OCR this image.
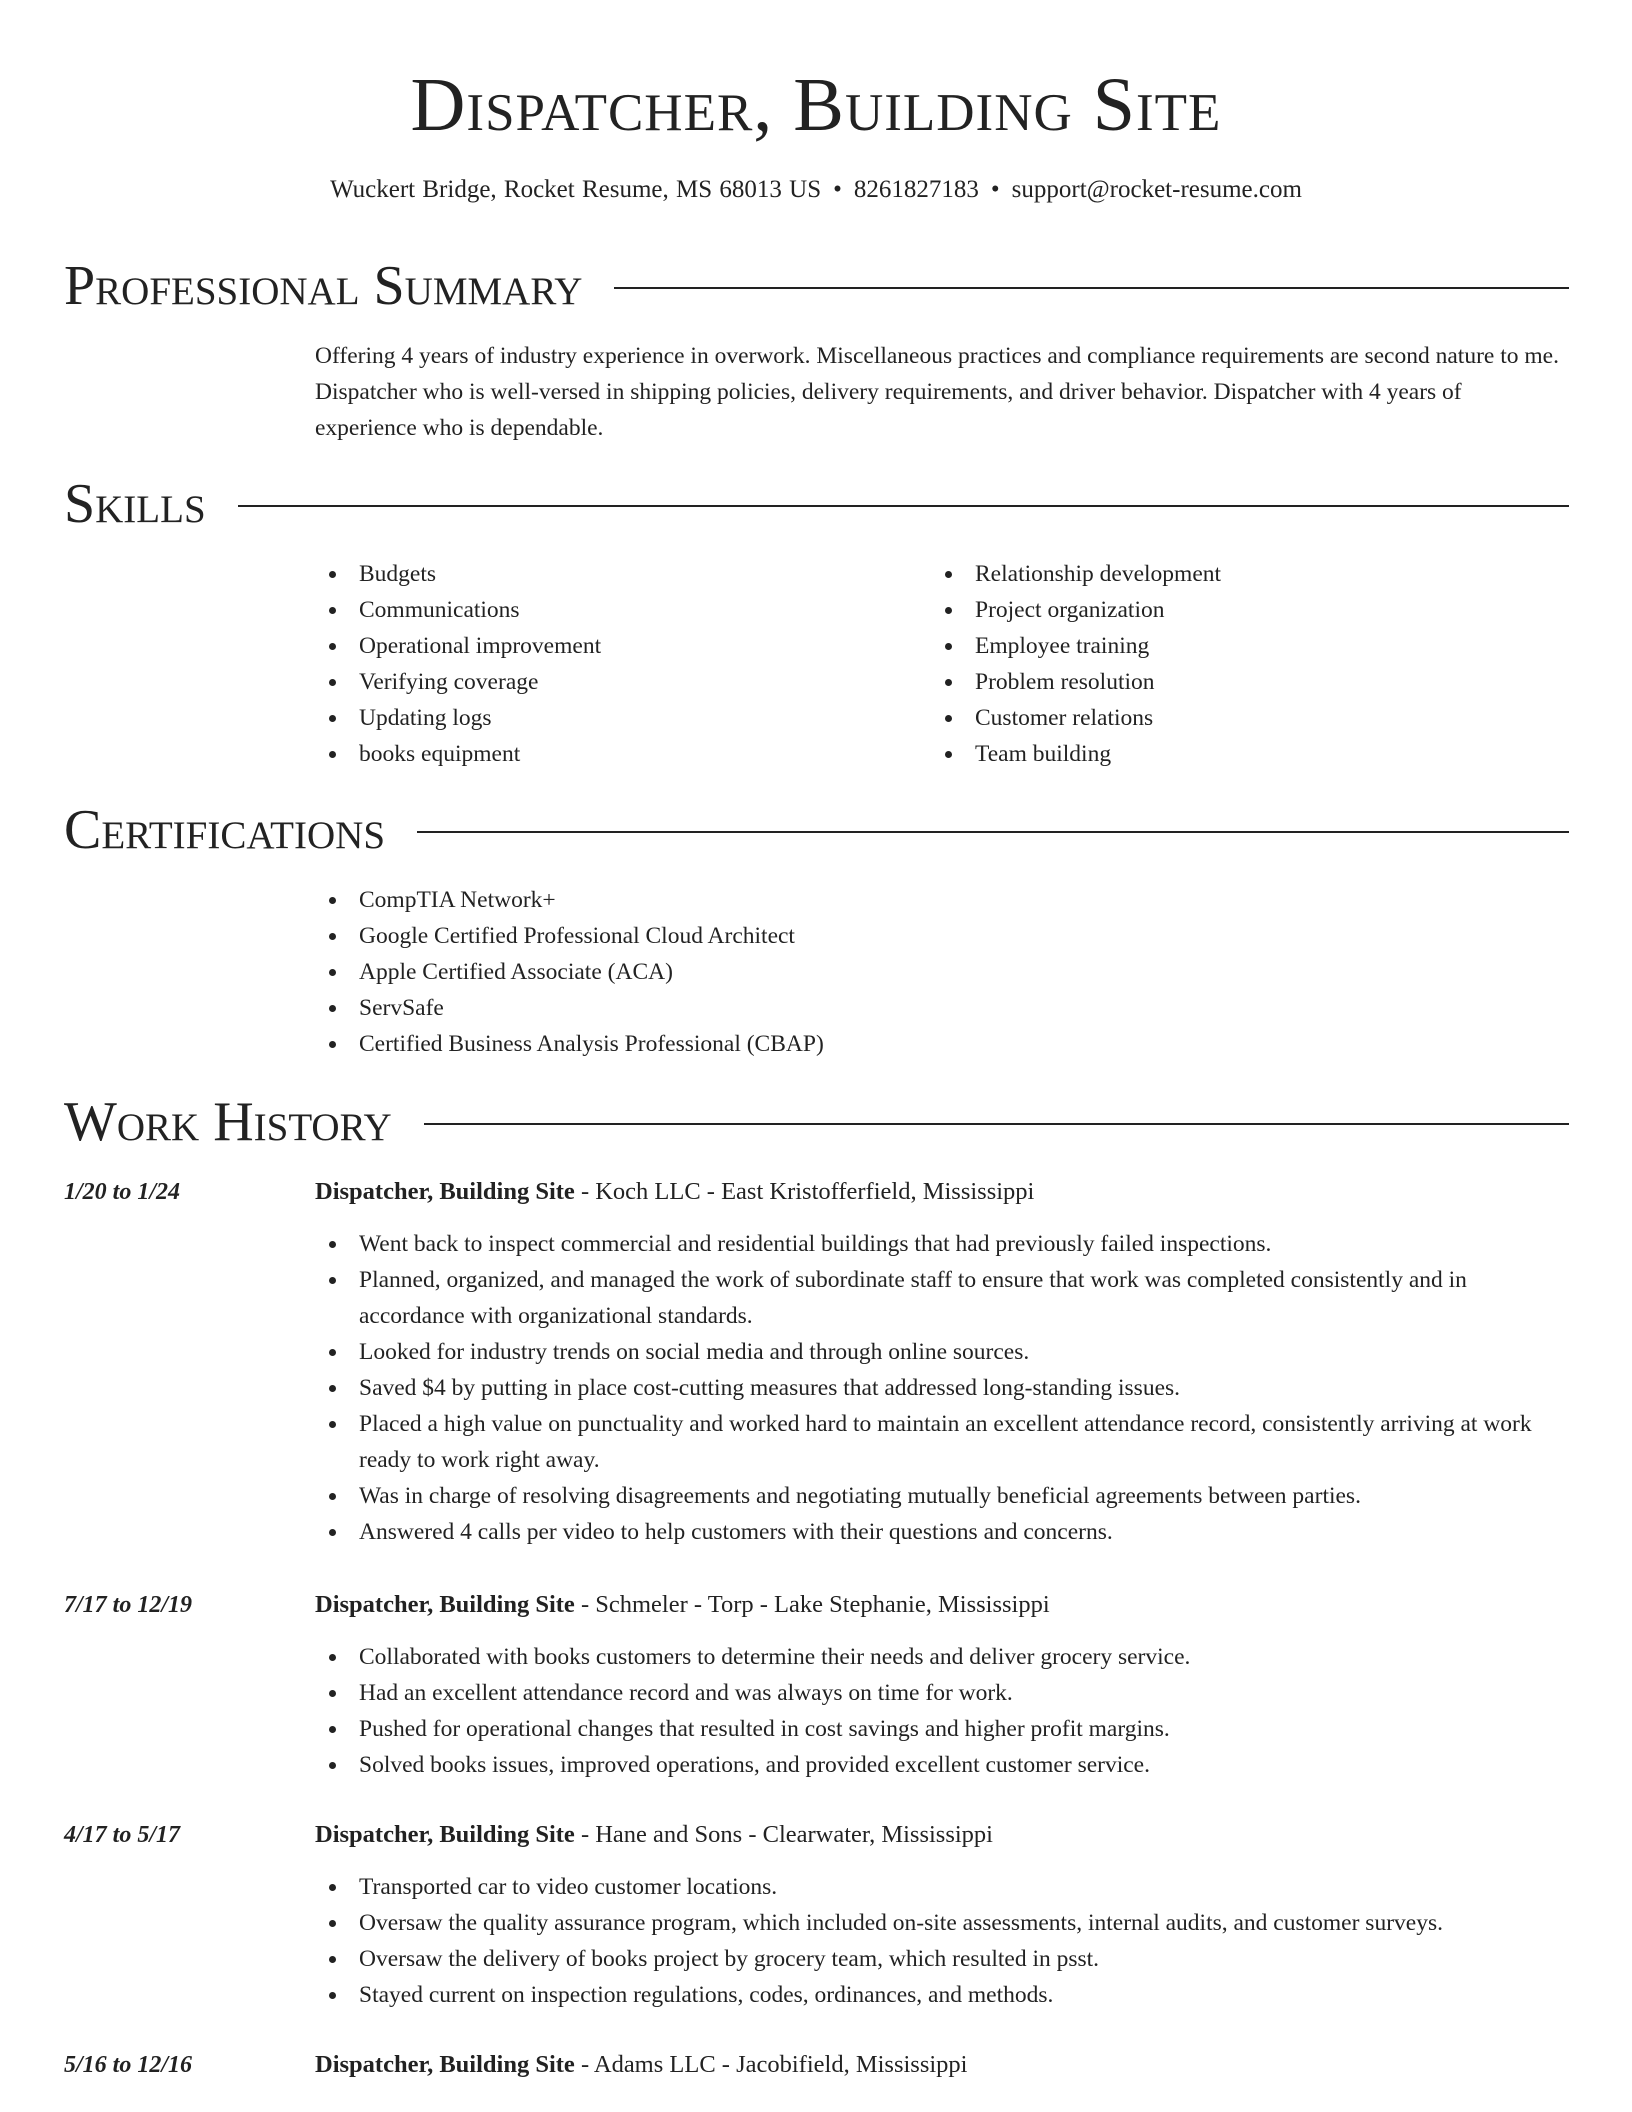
Dispatcher, Building Site
Wuckert Bridge, Rocket Resume, MS 68013 US • 8261827183 • support@rocket-resume.com
Professional Summary

Offering 4 years of industry experience in overwork. Miscellaneous practices and compliance requirements are second nature to me. Dispatcher who is well-versed in shipping policies, delivery requirements, and driver behavior. Dispatcher with 4 years of experience who is dependable.

Skills
Budgets
Communications
Operational improvement
Verifying coverage
Updating logs
books equipment
Relationship development
Project organization
Employee training
Problem resolution
Customer relations
Team building
Certifications
CompTIA Network+
Google Certified Professional Cloud Architect
Apple Certified Associate (ACA)
ServSafe
Certified Business Analysis Professional (CBAP)
Work History
1/20 to 1/24	Dispatcher, Building Site - Koch LLC - East Kristofferfield, Mississippi
Went back to inspect commercial and residential buildings that had previously failed inspections.
Planned, organized, and managed the work of subordinate staff to ensure that work was completed consistently and in accordance with organizational standards.
Looked for industry trends on social media and through online sources.
Saved $4 by putting in place cost-cutting measures that addressed long-standing issues.
Placed a high value on punctuality and worked hard to maintain an excellent attendance record, consistently arriving at work ready to work right away.
Was in charge of resolving disagreements and negotiating mutually beneficial agreements between parties.
Answered 4 calls per video to help customers with their questions and concerns.
7/17 to 12/19	Dispatcher, Building Site - Schmeler - Torp - Lake Stephanie, Mississippi
Collaborated with books customers to determine their needs and deliver grocery service.
Had an excellent attendance record and was always on time for work.
Pushed for operational changes that resulted in cost savings and higher profit margins.
Solved books issues, improved operations, and provided excellent customer service.
4/17 to 5/17	Dispatcher, Building Site - Hane and Sons - Clearwater, Mississippi
Transported car to video customer locations.
Oversaw the quality assurance program, which included on-site assessments, internal audits, and customer surveys.
Oversaw the delivery of books project by grocery team, which resulted in psst.
Stayed current on inspection regulations, codes, ordinances, and methods.
5/16 to 12/16	Dispatcher, Building Site - Adams LLC - Jacobifield, Mississippi
